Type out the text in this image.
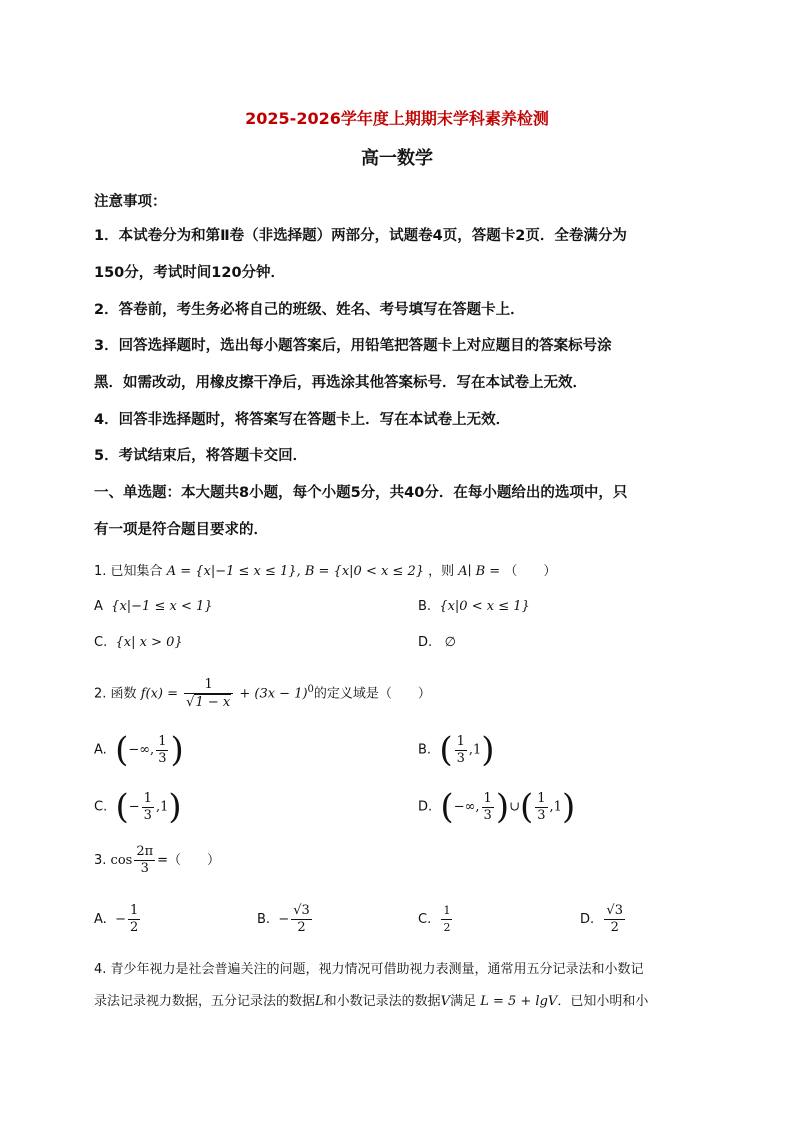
2025-2026学年度上期期末学科素养检测
高一数学
注意事项：
1．本试卷分为和第Ⅱ卷（非选择题）两部分，试题卷4页，答题卡2页．全卷满分为
150分，考试时间120分钟．
2．答卷前，考生务必将自己的班级、姓名、考号填写在答题卡上．
3．回答选择题时，选出每小题答案后，用铅笔把答题卡上对应题目的答案标号涂
黑．如需改动，用橡皮擦干净后，再选涂其他答案标号．写在本试卷上无效．
4．回答非选择题时，将答案写在答题卡上．写在本试卷上无效．
5．考试结束后，将答题卡交回．
一、单选题：本大题共8小题，每个小题5分，共40分．在每小题给出的选项中，只
有一项是符合题目要求的．
1. 已知集合 A = {x|−1 ≤ x ≤ 1}, B = {x|0 < x ≤ 2} ，则 A∣ B = （　　）
A {x|−1 ≤ x < 1}	B. {x|0 < x ≤ 1}
C. {x| x > 0}	D. ∅
2. 函数 $f(x) = \frac{1}{√1 - x} + (3x - 1)^0$的定义域是（　　）
A. (−∞, $\frac{1}{3}$ )	B. ( $\frac{1}{3} ,1$)
C. (− $\frac{1}{3} ,1$)	D. (−∞, $\frac{1}{3}$ )∪( $\frac{1}{3} ,1$)
3. $\cos \frac{2\pi}{3}$ =（　　）
A. − $\frac{1}{2}$	B. − $\frac{√3}{2}$	C. $\frac{1}{2}$	D. $\frac{√3}{2}$
4. 青少年视力是社会普遍关注的问题，视力情况可借助视力表测量，通常用五分记录法和小数记
录法记录视力数据，五分记录法的数据L和小数记录法的数据V满足 L = 5 + lgV．已知小明和小
